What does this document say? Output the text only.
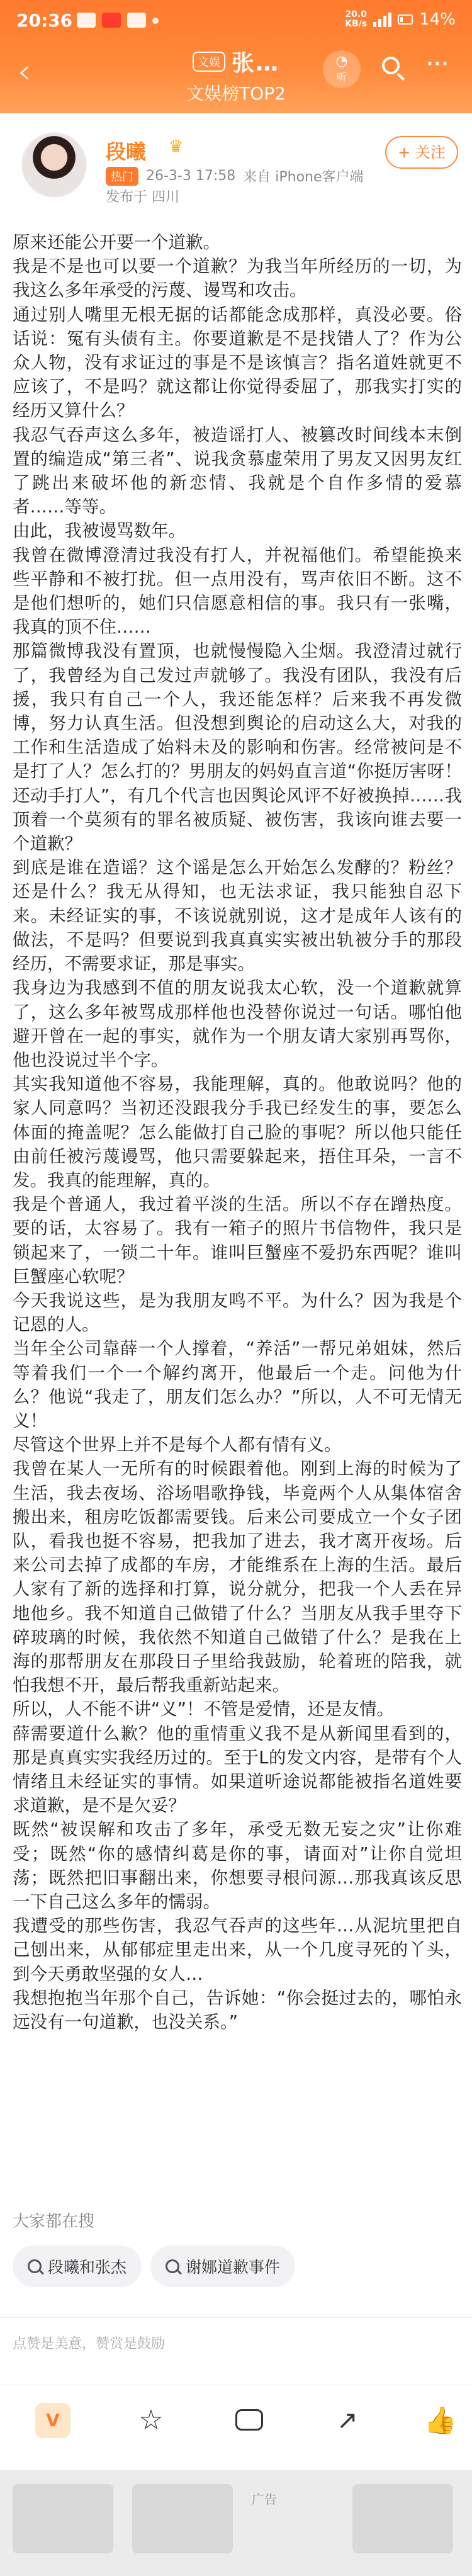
20:36	20.0
KB/s	14%
‹	文娱 张…
文娱榜TOP2
◔
听	···
段曦 ♛
热门 26-3-3 17:58 来自 iPhone客户端
发布于 四川
+ 关注

原来还能公开要一个道歉。

我是不是也可以要一个道歉？为我当年所经历的一切，为我这么多年承受的污蔑、谩骂和攻击。

通过别人嘴里无根无据的话都能念成那样，真没必要。俗话说：冤有头债有主。你要道歉是不是找错人了？作为公众人物，没有求证过的事是不是该慎言？指名道姓就更不应该了，不是吗？就这都让你觉得委屈了，那我实打实的经历又算什么？

我忍气吞声这么多年，被造谣打人、被篡改时间线本末倒置的编造成“第三者”、说我贪慕虚荣用了男友又因男友红了跳出来破坏他的新恋情、我就是个自作多情的爱慕者……等等。

由此，我被谩骂数年。

我曾在微博澄清过我没有打人，并祝福他们。希望能换来些平静和不被打扰。但一点用没有，骂声依旧不断。这不是他们想听的，她们只信愿意相信的事。我只有一张嘴，我真的顶不住……

那篇微博我没有置顶，也就慢慢隐入尘烟。我澄清过就行了，我曾经为自己发过声就够了。我没有团队，我没有后援，我只有自己一个人，我还能怎样？后来我不再发微博，努力认真生活。但没想到舆论的启动这么大，对我的工作和生活造成了始料未及的影响和伤害。经常被问是不是打了人？怎么打的？男朋友的妈妈直言道“你挺厉害呀！还动手打人”，有几个代言也因舆论风评不好被换掉……我顶着一个莫须有的罪名被质疑、被伤害，我该向谁去要一个道歉？

到底是谁在造谣？这个谣是怎么开始怎么发酵的？粉丝？还是什么？我无从得知，也无法求证，我只能独自忍下来。未经证实的事，不该说就别说，这才是成年人该有的做法，不是吗？但要说到我真真实实被出轨被分手的那段经历，不需要求证，那是事实。

我身边为我感到不值的朋友说我太心软，没一个道歉就算了，这么多年被骂成那样他也没替你说过一句话。哪怕他避开曾在一起的事实，就作为一个朋友请大家别再骂你，他也没说过半个字。

其实我知道他不容易，我能理解，真的。他敢说吗？他的家人同意吗？当初还没跟我分手我已经发生的事，要怎么体面的掩盖呢？怎么能做打自己脸的事呢？所以他只能任由前任被污蔑谩骂，他只需要躲起来，捂住耳朵，一言不发。我真的能理解，真的。

我是个普通人，我过着平淡的生活。所以不存在蹭热度。要的话，太容易了。我有一箱子的照片书信物件，我只是锁起来了，一锁二十年。谁叫巨蟹座不爱扔东西呢？谁叫巨蟹座心软呢？

今天我说这些，是为我朋友鸣不平。为什么？因为我是个记恩的人。

当年全公司靠薛一个人撑着，“养活”一帮兄弟姐妹，然后等着我们一个一个解约离开，他最后一个走。问他为什么？他说“我走了，朋友们怎么办？”所以，人不可无情无义！

尽管这个世界上并不是每个人都有情有义。

我曾在某人一无所有的时候跟着他。刚到上海的时候为了生活，我去夜场、浴场唱歌挣钱，毕竟两个人从集体宿舍搬出来，租房吃饭都需要钱。后来公司要成立一个女子团队，看我也挺不容易，把我加了进去，我才离开夜场。后来公司去掉了成都的车房，才能维系在上海的生活。最后人家有了新的选择和打算，说分就分，把我一个人丢在异地他乡。我不知道自己做错了什么？当朋友从我手里夺下碎玻璃的时候，我依然不知道自己做错了什么？是我在上海的那帮朋友在那段日子里给我鼓励，轮着班的陪我，就怕我想不开，最后帮我重新站起来。

所以，人不能不讲“义”！不管是爱情，还是友情。

薛需要道什么歉？他的重情重义我不是从新闻里看到的，那是真真实实我经历过的。至于L的发文内容，是带有个人情绪且未经证实的事情。如果道听途说都能被指名道姓要求道歉，是不是欠妥？

既然“被误解和攻击了多年，承受无数无妄之灾”让你难受；既然“你的感情纠葛是你的事，请面对”让你自觉坦荡；既然把旧事翻出来，你想要寻根问源…那我真该反思一下自己这么多年的懦弱。

我遭受的那些伤害，我忍气吞声的这些年…从泥坑里把自己刨出来，从郁郁症里走出来，从一个几度寻死的丫头，到今天勇敢坚强的女人…

我想抱抱当年那个自己，告诉她：“你会挺过去的，哪怕永远没有一句道歉，也没关系。”

大家都在搜
段曦和张杰	谢娜道歉事件
点赞是美意，赞赏是鼓励
V	☆	↗	👍
广告
